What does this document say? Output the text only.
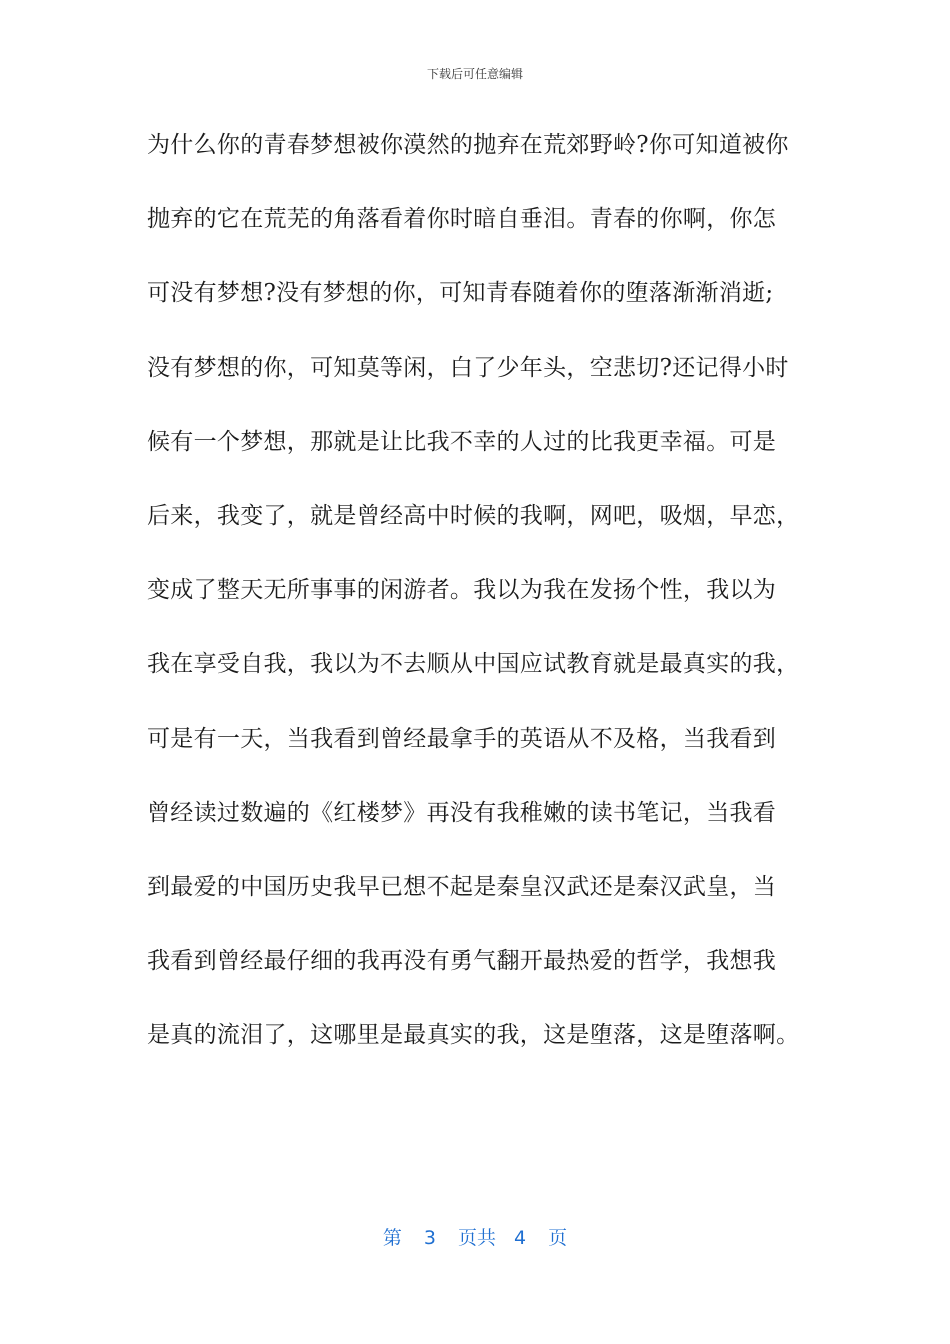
下载后可任意编辑
为什么你的青春梦想被你漠然的抛弃在荒郊野岭?你可知道被你
抛弃的它在荒芜的角落看着你时暗自垂泪。青春的你啊，你怎
可没有梦想?没有梦想的你，可知青春随着你的堕落渐渐消逝;
没有梦想的你，可知莫等闲，白了少年头，空悲切?还记得小时
候有一个梦想，那就是让比我不幸的人过的比我更幸福。可是
后来，我变了，就是曾经高中时候的我啊，网吧，吸烟，早恋，
变成了整天无所事事的闲游者。我以为我在发扬个性，我以为
我在享受自我，我以为不去顺从中国应试教育就是最真实的我，
可是有一天，当我看到曾经最拿手的英语从不及格，当我看到
曾经读过数遍的《红楼梦》再没有我稚嫩的读书笔记，当我看
到最爱的中国历史我早已想不起是秦皇汉武还是秦汉武皇，当
我看到曾经最仔细的我再没有勇气翻开最热爱的哲学，我想我
是真的流泪了，这哪里是最真实的我，这是堕落，这是堕落啊。
第 3 页共 4 页
